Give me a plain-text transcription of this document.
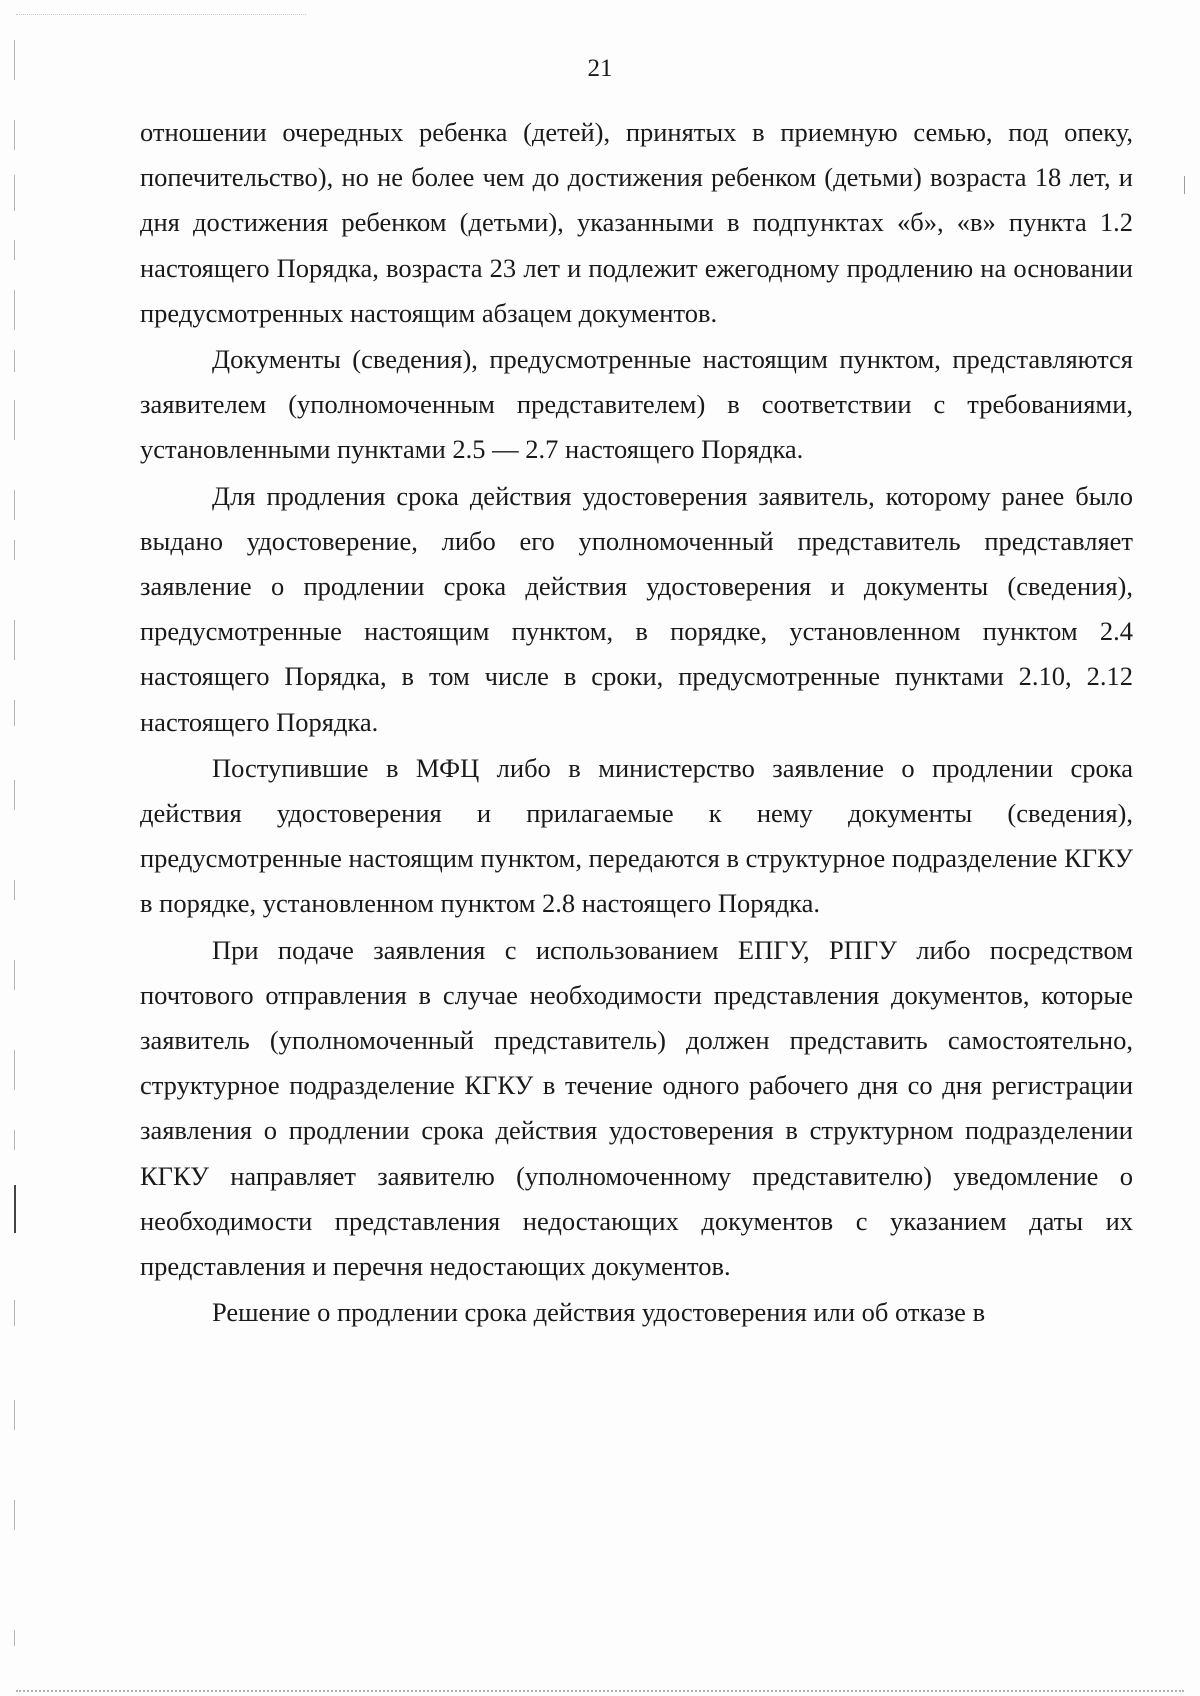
21

отношении очередных ребенка (детей), принятых в приемную семью, под опеку, попечительство), но не более чем до достижения ребенком (детьми) возраста 18 лет, и дня достижения ребенком (детьми), указанными в подпунктах «б», «в» пункта 1.2 настоящего Порядка, возраста 23 лет и подлежит ежегодному продлению на основании предусмотренных настоящим абзацем документов.

Документы (сведения), предусмотренные настоящим пунктом, представляются заявителем (уполномоченным представителем) в соответствии с требованиями, установленными пунктами 2.5 — 2.7 настоящего Порядка.

Для продления срока действия удостоверения заявитель, которому ранее было выдано удостоверение, либо его уполномоченный представитель представляет заявление о продлении срока действия удостоверения и документы (сведения), предусмотренные настоящим пунктом, в порядке, установленном пунктом 2.4 настоящего Порядка, в том числе в сроки, предусмотренные пунктами 2.10, 2.12 настоящего Порядка.

Поступившие в МФЦ либо в министерство заявление о продлении срока действия удостоверения и прилагаемые к нему документы (сведения), предусмотренные настоящим пунктом, передаются в структурное подразделение КГКУ в порядке, установленном пунктом 2.8 настоящего Порядка.

При подаче заявления с использованием ЕПГУ, РПГУ либо посредством почтового отправления в случае необходимости представления документов, которые заявитель (уполномоченный представитель) должен представить самостоятельно, структурное подразделение КГКУ в течение одного рабочего дня со дня регистрации заявления о продлении срока действия удостоверения в структурном подразделении КГКУ направляет заявителю (уполномоченному представителю) уведомление о необходимости представления недостающих документов с указанием даты их представления и перечня недостающих документов.

Решение о продлении срока действия удостоверения или об отказе в
